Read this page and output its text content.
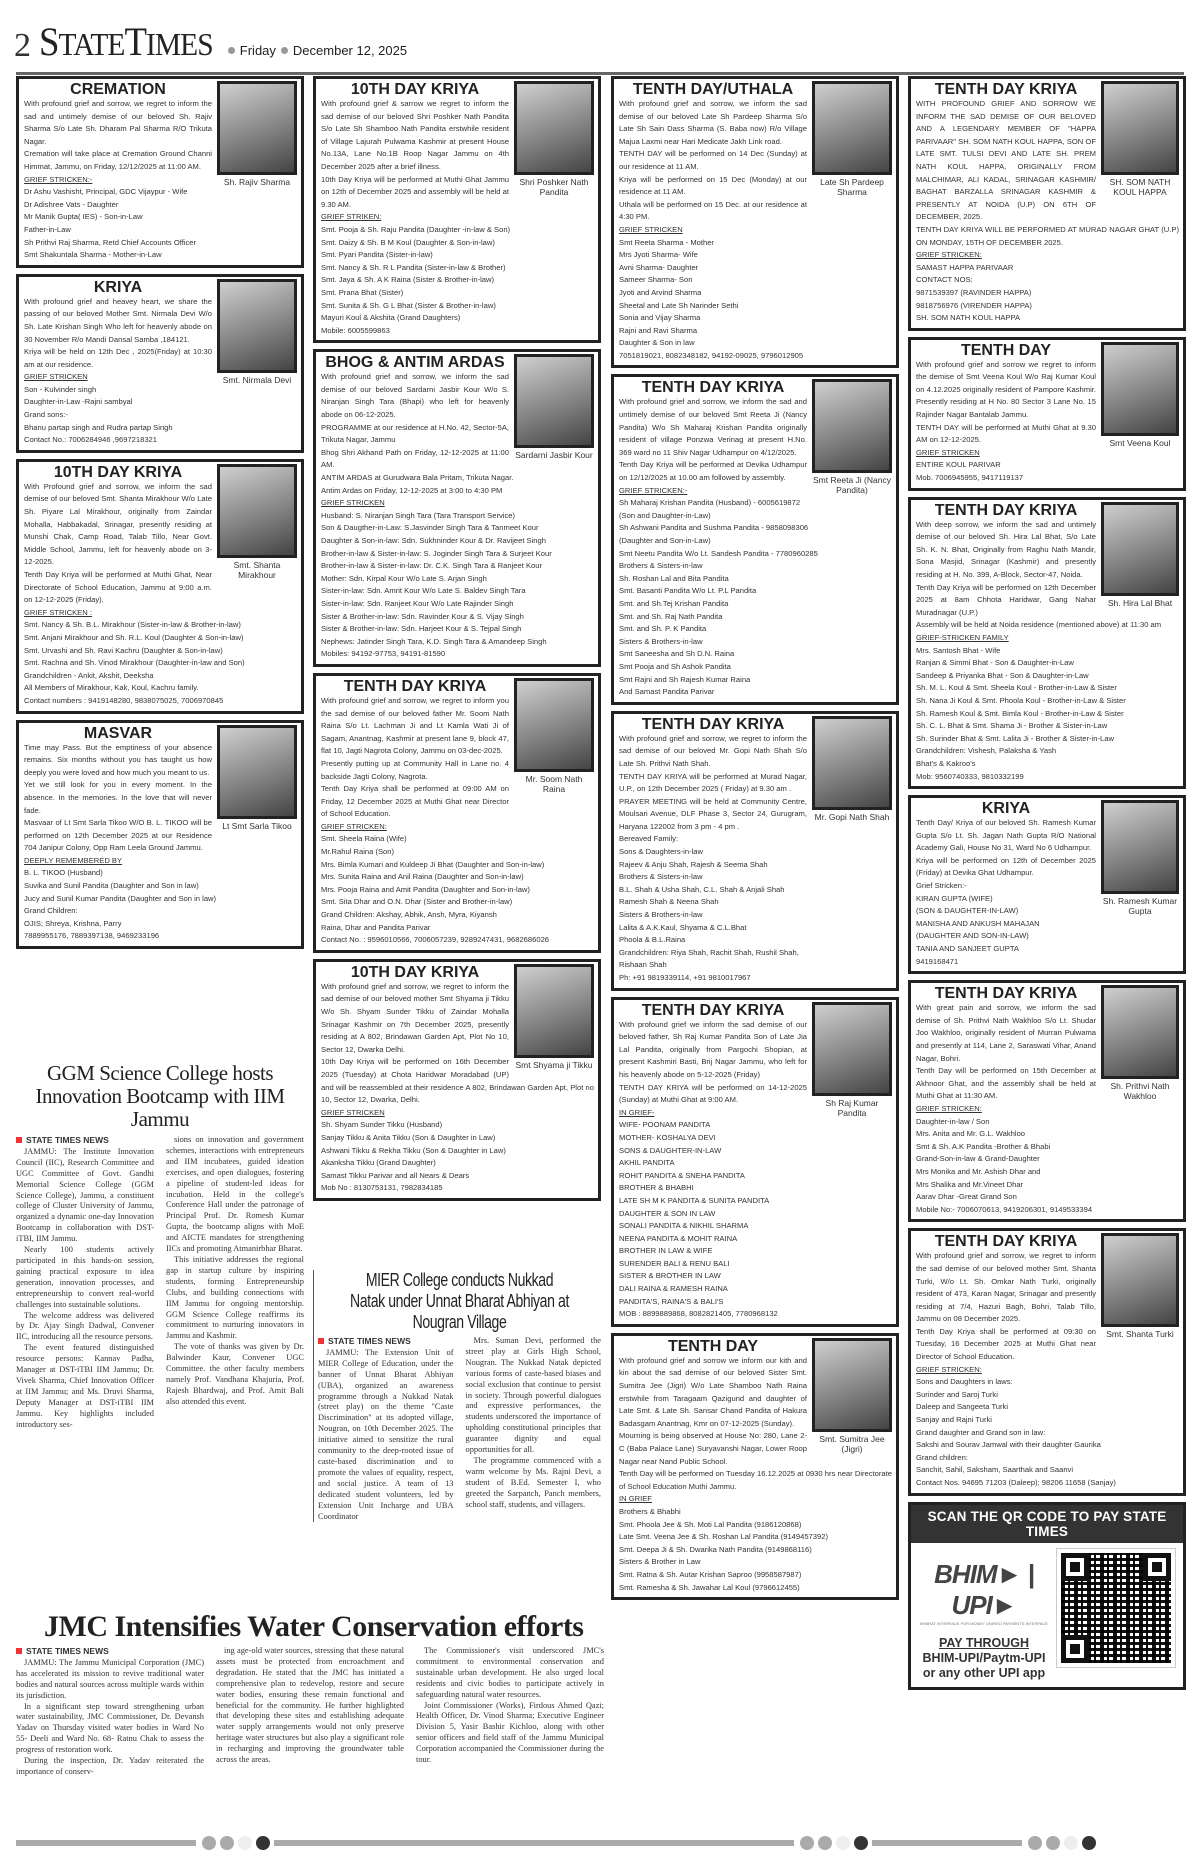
2 STATETIMES Friday December 12, 2025
Sh. Rajiv Sharma
CREMATION

With profound grief and sorrow, we regret to inform the sad and untimely demise of our beloved Sh. Rajiv Sharma S/o Late Sh. Dharam Pal Sharma R/O Trikuta Nagar.

Cremation will take place at Cremation Ground Channi Himmat, Jammu, on Friday, 12/12/2025 at 11:00 AM.

GRIEF STRICKEN:-
Dr Ashu Vashisht, Principal, GDC Vijaypur - Wife
Dr Adishree Vats - Daughter
Mr Manik Gupta( IES) - Son-in-Law
Father-in-Law
Sh Prithvi Raj Sharma, Retd Chief Accounts Officer
Smt Shakuntala Sharma - Mother-in-Law
Smt. Nirmala Devi
KRIYA

With profound grief and heavey heart, we share the passing of our beloved Mother Smt. Nirmala Devi W/o Sh. Late Krishan Singh Who left for heavenly abode on 30 November R/o Mandi Dansal Samba ,184121.

Kriya will be held on 12th Dec , 2025(Friday) at 10:30 am at our residence.

GRIEF STRICKEN
Son - Kulvinder singh
Daughter-in-Law -Rajni sambyal
Grand sons:-
Bhanu partap singh and Rudra partap Singh
Contact No.: 7006284946 ,9697218321
Smt. Shanta Mirakhour
10TH DAY KRIYA

With Profound grief and sorrow, we inform the sad demise of our beloved Smt. Shanta Mirakhour W/o Late Sh. Piyare Lal Mirakhour, originally from Zaindar Mohalla, Habbakadal, Srinagar, presently residing at Munshi Chak, Camp Road, Talab Tillo, Near Govt. Middle School, Jammu, left for heavenly abode on 3-12-2025.

Tenth Day Kriya will be performed at Muthi Ghat, Near Directorate of School Education, Jammu at 9:00 a.m. on 12-12-2025 (Friday).

GRIEF STRICKEN :
Smt. Nancy & Sh. B.L. Mirakhour (Sister-in-law & Brother-in-law)
Smt. Anjani Mirakhour and Sh. R.L. Koul (Daughter & Son-in-law)
Smt. Urvashi and Sh. Ravi Kachru (Daughter & Son-in-law)
Smt. Rachna and Sh. Vinod Mirakhour (Daughter-in-law and Son)
Grandchildren - Ankit, Akshit, Deeksha
All Members of Mirakhour, Kak, Koul, Kachru family.
Contact numbers : 9419148280, 9838075025, 7006970845
Lt Smt Sarla Tikoo
MASVAR

Time may Pass. But the emptiness of your absence remains. Six months without you has taught us how deeply you were loved and how much you meant to us.

Yet we still look for you in every moment. In the absence. In the memories. In the love that will never fade.

Masvaar of Lt Smt Sarla Tikoo W/O B. L. TIKOO will be performed on 12th December 2025 at our Residence 704 Janipur Colony, Opp Ram Leela Ground Jammu.

DEEPLY REMEMBERED BY
B. L. TIKOO (Husband)
Suvika and Sunil Pandita (Daughter and Son in law)
Jucy and Sunil Kumar Pandita (Daughter and Son in law)
Grand Children:
OJIS; Shreya, Krishna, Parry
7889955176, 7889397138, 9469233196
Shri Poshker Nath Pandita
10TH DAY KRIYA

With profound grief & sarrow we regret to inform the sad demise of our beloved Shri Poshker Nath Pandita S/o Late Sh Shamboo Nath Pandita erstwhile resident of Village Lajurah Pulwama Kashmir at present House No.13A, Lane No.1B Roop Nagar Jammu on 4th December 2025 after a brief illness.

10th Day Kriya will be performed at Muthi Ghat Jammu on 12th of December 2025 and assembly will be held at 9.30 AM.

GRIEF STRIKEN:
Smt. Pooja & Sh. Raju Pandita (Daughter -in-law & Son)
Smt. Daizy & Sh. B M Koul (Daughter & Son-in-law)
Smt. Pyari Pandita (Sister-in-law)
Smt. Nancy & Sh. R L Pandita (Sister-in-law & Brother)
Smt. Jaya & Sh. A K Raina (Sister & Brother-in-law)
Smt. Prana Bhat (Sister)
Smt. Sunita & Sh. G L Bhat (Sister & Brother-in-law)
Mayuri Koul & Akshita (Grand Daughters)
Mobile: 6005599863
Sardarni Jasbir Kour
BHOG & ANTIM ARDAS

With profound grief and sorrow, we inform the sad demise of our beloved Sardarni Jasbir Kour W/o S. Niranjan Singh Tara (Bhapi) who left for heavenly abode on 06-12-2025.

PROGRAMME at our residence at H.No. 42, Sector-5A, Trikuta Nagar, Jammu

Bhog Shri Akhand Path on Friday, 12-12-2025 at 11:00 AM.

ANTIM ARDAS at Gurudwara Bala Pritam, Trikuta Nagar.

Antim Ardas on Friday, 12-12-2025 at 3:00 to 4:30 PM

GRIEF STRICKEN
Husband: S. Niranjan Singh Tara (Tara Transport Service)
Son & Daugther-in-Law: S.Jasvinder Singh Tara & Tanmeet Kour
Daughter & Son-in-law: Sdn. Sukhninder Kour & Dr. Ravijeet Singh
Brother-in-law & Sister-in-law: S. Joginder Singh Tara & Surjeet Kour
Brother-in-law & Sister-in-law: Dr. C.K. Singh Tara & Ranjeet Kour
Mother: Sdn. Kirpal Kour W/o Late S. Arjan Singh
Sister-in-law: Sdn. Amrit Kour W/o Late S. Baldev Singh Tara
Sister-in-law: Sdn. Ranjeet Kour W/o Late Rajinder Singh
Sister & Brother-in-law: Sdn. Ravinder Kour & S. Vijay Singh
Sister & Brother-in-law: Sdn. Harjeet Kour & S. Tejpal Singh
Nephews: Jatinder Singh Tara, K.D. Singh Tara & Amandeep Singh
Mobiles: 94192-97753, 94191-81590
Mr. Soom Nath Raina
TENTH DAY KRIYA

With profound grief and sorrow, we regret to inform you the sad demise of our beloved father Mr. Soom Nath Raina S/o Lt. Lachman Ji and Lt Kamla Wati Ji of Sagam, Anantnag, Kashmir at present lane 9, block 47, flat 10, Jagti Nagrota Colony, Jammu on 03-dec-2025.

Presently putting up at Community Hall in Lane no. 4 backside Jagti Colony, Nagrota.

Tenth Day Kriya shall be performed at 09:00 AM on Friday, 12 December 2025 at Muthi Ghat near Director of School Education.

GRIEF STRICKEN:
Smt. Sheela Raina (Wife)
Mr.Rahul Raina (Son)
Mrs. Bimla Kumari and Kuldeep Ji Bhat (Daughter and Son-in-law)
Mrs. Sunita Raina and Anil Raina (Daughter and Son-in-law)
Mrs. Pooja Raina and Amit Pandita (Daughter and Son-in-law)
Smt. Sita Dhar and O.N. Dhar (Sister and Brother-in-law)
Grand Children: Akshay, Abhik, Ansh, Myra, Kiyansh
Raina, Dhar and Pandita Parivar
Contact No. : 9596010566, 7006057239, 9289247431, 9682686026
Smt Shyama ji Tikku
10TH DAY KRIYA

With profound grief and sorrow, we regret to inform the sad demise of our beloved mother Smt Shyama ji Tikku W/o Sh. Shyam Sunder Tikku of Zaindar Mohalla Srinagar Kashmir on 7th December 2025, presently residing at A 802, Brindawan Garden Apt, Plot No 10, Sector 12, Dwarka Delhi.

10th Day Kriya will be performed on 16th December 2025 (Tuesday) at Chota Haridwar Moradabad (UP) and will be reassembled at their residence A 802, Brindawan Garden Apt, Plot no 10, Sector 12, Dwarka, Delhi.

GRIEF STRICKEN
Sh. Shyam Sunder Tikku (Husband)
Sanjay Tikku & Anita Tikku (Son & Daughter in Law)
Ashwani Tikku & Rekha Tikku (Son & Daughter in Law)
Akanksha Tikku (Grand Daughter)
Samast Tikku Parivar and all Nears & Dears
Mob No : 8130753131, 7982834185
Late Sh Pardeep Sharma
TENTH DAY/UTHALA

With profound grief and sorrow, we inform the sad demise of our beloved Late Sh Pardeep Sharma S/o Late Sh Sain Dass Sharma (S. Baba now) R/o Village Majua Laxmi near Hari Medicate Jakh Link road.

TENTH DAY will be performed on 14 Dec (Sunday) at our residence at 11 AM.

Kriya will be performed on 15 Dec (Monday) at our residence at 11 AM.

Uthala will be performed on 15 Dec. at our residence at 4:30 PM.

GRIEF STRICKEN
Smt Reeta Sharma - Mother
Mrs Jyoti Sharma- Wife
Avni Sharma- Daughter
Sameer Sharma- Son
Jyoti and Arvind Sharma
Sheetal and Late Sh Narinder Sethi
Sonia and Vijay Sharma
Rajni and Ravi Sharma
Daughter & Son in law
7051819021, 8082348182, 94192-09025, 9796012905
Smt Reeta Ji (Nancy Pandita)
TENTH DAY KRIYA

With profound grief and sorrow, we inform the sad and untimely demise of our beloved Smt Reeta Ji (Nancy Pandita) W/o Sh Maharaj Krishan Pandita originally resident of village Ponzwa Verinag at present H.No. 369 ward no 11 Shiv Nagar Udhampur on 4/12/2025.

Tenth Day Kriya will be performed at Devika Udhampur on 12/12/2025 at 10.00 am followed by assembly.

GRIEF STRICKEN:-
Sh Maharaj Krishan Pandita (Husband) - 6005619872
(Son and Daughter-in-Law)
Sh Ashwani Pandita and Sushma Pandita - 9858098306
(Daughter and Son-in-Law)
Smt Neetu Pandita W/o Lt. Sandesh Pandita - 7780960285
Brothers & Sisters-in-law
Sh. Roshan Lal and Bita Pandita
Smt. Basanti Pandita W/o Lt. P.L Pandita
Smt. and Sh.Tej Krishan Pandita
Smt. and Sh. Raj Nath Pandita
Smt. and Sh. P. K Pandita
Sisters & Brothers-in-law
Smt Saneesha and Sh D.N. Raina
Smt Pooja and Sh Ashok Pandita
Smt Rajni and Sh Rajesh Kumar Raina
And Samast Pandita Parivar
Mr. Gopi Nath Shah
TENTH DAY KRIYA

With profound grief and sorrow, we regret to inform the sad demise of our beloved Mr. Gopi Nath Shah S/o Late Sh. Prithvi Nath Shah.

TENTH DAY KRIYA will be performed at Murad Nagar, U.P., on 12th December 2025 ( Friday) at 9.30 am .

PRAYER MEETING will be held at Community Centre, Moulsari Avenue, DLF Phase 3, Sector 24, Gurugram, Haryana 122002 from 3 pm - 4 pm .

Bereaved Family:
Sons & Daughters-in-law
Rajeev & Anju Shah, Rajesh & Seema Shah
Brothers & Sisters-in-law
B.L. Shah & Usha Shah, C.L. Shah & Anjali Shah
Ramesh Shah & Neena Shah
Sisters & Brothers-in-law
Lalita & A.K.Kaul, Shyama & C.L.Bhat
Phoola & B.L.Raina
Grandchildren: Riya Shah, Rachit Shah, Rushil Shah,
Rishaan Shah
Ph: +91 9819339114, +91 9810017967
Sh Raj Kumar Pandita
TENTH DAY KRIYA

With profound grief we inform the sad demise of our beloved father, Sh Raj Kumar Pandita Son of Late Jia Lal Pandita, originally from Pargochi Shopian, at present Kashmiri Basti, Brij Nagar Jammu, who left for his heavenly abode on 5-12-2025 (Friday)

TENTH DAY KRIYA will be performed on 14-12-2025 (Sunday) at Muthi Ghat at 9:00 AM.

IN GRIEF-
WIFE- POONAM PANDITA
MOTHER- KOSHALYA DEVI
SONS & DAUGHTER-IN-LAW
AKHIL PANDITA
ROHIT PANDITA & SNEHA PANDITA
BROTHER & BHABHI
LATE SH M K PANDITA & SUNITA PANDITA
DAUGHTER & SON IN LAW
SONALI PANDITA & NIKHIL SHARMA
NEENA PANDITA & MOHIT RAINA
BROTHER IN LAW & WIFE
SURENDER BALI & RENU BALI
SISTER & BROTHER IN LAW
DALI RAINA & RAMESH RAINA
PANDITA'S, RAINA'S & BALI'S
MOB : 8899889868, 8082821405, 7780968132
Smt. Sumitra Jee (Jigri)
TENTH DAY

With profound grief and sorrow we inform our kith and kin about the sad demise of our beloved Sister Smt. Sumitra Jee (Jigri) W/o Late Shamboo Nath Raina erstwhile from Taragaam Qazigund and daughter of Late Smt. & Late Sh. Sansar Chand Pandita of Hakura Badasgam Anantnag, Kmr on 07-12-2025 (Sunday).

Mourning is being observed at House No: 280, Lane 2-C (Baba Palace Lane) Suryavanshi Nagar, Lower Roop Nagar near Nand Public School.

Tenth Day will be performed on Tuesday 16.12.2025 at 0930 hrs near Directorate of School Education Muthi Jammu.

IN GRIEF
Brothers & Bhabhi
Smt. Phoola Jee & Sh. Moti Lal Pandita (9186120868)
Late Smt. Veena Jee & Sh. Roshan Lal Pandita (9149457392)
Smt. Deepa Ji & Sh. Dwarika Nath Pandita (9149868116)
Sisters & Brother in Law
Smt. Ratna & Sh. Autar Krishan Saproo (9958587987)
Smt. Ramesha & Sh. Jawahar Lal Koul (9796612455)
SH. SOM NATH KOUL HAPPA
TENTH DAY KRIYA

WITH PROFOUND GRIEF AND SORROW WE INFORM THE SAD DEMISE OF OUR BELOVED AND A LEGENDARY MEMBER OF "HAPPA PARIVAAR" SH. SOM NATH KOUL HAPPA, SON OF LATE SMT. TULSI DEVI AND LATE SH. PREM NATH KOUL HAPPA, ORIGINALLY FROM MALCHIMAR, ALI KADAL, SRINAGAR KASHMIR/ BAGHAT BARZALLA SRINAGAR KASHMIR & PRESENTLY AT NOIDA (U.P) ON 6TH OF DECEMBER, 2025.

TENTH DAY KRIYA WILL BE PERFORMED AT MURAD NAGAR GHAT (U.P) ON MONDAY, 15TH OF DECEMBER 2025.

GRIEF STRICKEN:
SAMAST HAPPA PARIVAAR
CONTACT NOS:
9871539397 (RAVINDER HAPPA)
9818756976 (VIRENDER HAPPA)
SH. SOM NATH KOUL HAPPA
Smt Veena Koul
TENTH DAY

With profound grief and sorrow we regret to inform the demise of Smt Veena Koul W/o Raj Kumar Koul on 4.12.2025 originally resident of Pampore Kashmir. Presently residing at H No. 80 Sector 3 Lane No. 15 Rajinder Nagar Bantalab Jammu.

TENTH DAY will be performed at Muthi Ghat at 9.30 AM on 12-12-2025.

GRIEF STRICKEN
ENTIRE KOUL PARIVAR
Mob. 7006945955, 9417119137
Sh. Hira Lal Bhat
TENTH DAY KRIYA

With deep sorrow, we inform the sad and untimely demise of our beloved Sh. Hira Lal Bhat, S/o Late Sh. K. N. Bhat, Originally from Raghu Nath Mandir, Sona Masjid, Srinagar (Kashmir) and presently residing at H. No. 399, A-Block, Sector-47, Noida.

Tenth Day Kriya will be performed on 12th December 2025 at 8am Chhota Haridwar, Gang Nahar Muradnagar (U.P.)

Assembly will be held at Noida residence (mentioned above) at 11:30 am

GRIEF-STRICKEN FAMILY
Mrs. Santosh Bhat - Wife
Ranjan & Simmi Bhat - Son & Daughter-in-Law
Sandeep & Priyanka Bhat - Son & Daughter-in-Law
Sh. M. L. Koul & Smt. Sheela Koul - Brother-in-Law & Sister
Sh. Nana Ji Koul & Smt. Phoola Koul - Brother-in-Law & Sister
Sh. Ramesh Koul & Smt. Bimla Koul - Brother-in-Law & Sister
Sh. C. L. Bhat & Smt. Shama Ji - Brother & Sister-in-Law
Sh. Surinder Bhat & Smt. Lalita Ji - Brother & Sister-in-Law
Grandchildren: Vishesh, Palaksha & Yash
Bhat's & Kakroo's
Mob: 9560740333, 9810332199
Sh. Ramesh Kumar Gupta
KRIYA

Tenth Day/ Kriya of our beloved Sh. Ramesh Kumar Gupta S/o Lt. Sh. Jagan Nath Gupta R/O National Academy Gali, House No 31, Ward No 6 Udhampur.

Kriya will be performed on 12th of December 2025 (Friday) at Devika Ghat Udhampur.

Grief Stricken:-
KIRAN GUPTA (WIFE)
(SON & DAUGHTER-IN-LAW)
MANISHA AND ANKUSH MAHAJAN
(DAUGHTER AND SON-IN-LAW)
TANIA AND SANJEET GUPTA
9419168471
Sh. Prithvi Nath Wakhloo
TENTH DAY KRIYA

With great pain and sorrow, we inform the sad demise of Sh. Prithvi Nath Wakhloo S/o Lt. Shudar Joo Wakhloo, originally resident of Murran Pulwama and presently at 114, Lane 2, Saraswati Vihar, Anand Nagar, Bohri.

Tenth Day will be performed on 15th December at Akhnoor Ghat, and the assembly shall be held at Muthi Ghat at 11:30 AM.

GRIEF STRICKEN:
Daughter-in-law / Son
Mrs. Anita and Mr. G.L. Wakhloo
Smt & Sh. A.K Pandita -Brother & Bhabi
Grand-Son-in-law & Grand-Daughter
Mrs Monika and Mr. Ashish Dhar and
Mrs Shalika and Mr.Vineet Dhar
Aarav Dhar -Great Grand Son
Mobile No:- 7006070613, 9419206301, 9149533394
Smt. Shanta Turki
TENTH DAY KRIYA

With profound grief and sorrow, we regret to inform the sad demise of our beloved mother Smt. Shanta Turki, W/o Lt. Sh. Omkar Nath Turki, originally resident of 473, Karan Nagar, Srinagar and presently residing at 7/4, Hazuri Bagh, Bohri, Talab Tillo, Jammu on 08 December 2025.

Tenth Day Kriya shall be performed at 09:30 on Tuesday, 16 December 2025 at Muthi Ghat near Director of School Education.

GRIEF STRICKEN:
Sons and Daughters in laws:
Surinder and Saroj Turki
Daleep and Sangeeta Turki
Sanjay and Rajni Turki
Grand daughter and Grand son in law:
Sakshi and Sourav Jamwal with their daughter Gaurika
Grand children:
Sanchit, Sahil, Saksham, Saarthak and Saanvi
Contact Nos. 94695 71203 (Daleep); 98206 11658 (Sanjay)
SCAN THE QR CODE TO PAY STATE TIMES
BHIM► | UPI►
BHARAT INTERFACE FOR MONEY UNIFIED PAYMENTS INTERFACE
PAY THROUGH
BHIM-UPI/Paytm-UPI
or any other UPI app
GGM Science College hosts Innovation Bootcamp with IIM Jammu
STATE TIMES NEWS

JAMMU: The Institute Innovation Council (IIC), Research Committee and UGC Committee of Govt. Gandhi Memorial Science College (GGM Science College), Jammu, a constituent college of Cluster University of Jammu, organized a dynamic one-day Innovation Bootcamp in collaboration with DST-iTBI, IIM Jammu.

Nearly 100 students actively participated in this hands-on session, gaining practical exposure to idea generation, innovation processes, and entrepreneurship to convert real-world challenges into sustainable solutions.

The welcome address was delivered by Dr. Ajay Singh Dadwal, Convener IIC, introducing all the resource persons.

The event featured distinguished resource persons: Kannav Padha, Manager at DST-iTBI IIM Jammu; Dr. Vivek Sharma, Chief Innovation Officer at IIM Jammu; and Ms. Druvi Sharma, Deputy Manager at DST-iTBI IIM Jammu. Key highlights included introductory ses-

sions on innovation and government schemes, interactions with entrepreneurs and IIM incubatees, guided ideation exercises, and open dialogues, fostering a pipeline of student-led ideas for incubation. Held in the college's Conference Hall under the patronage of Principal Prof. Dr. Romesh Kumar Gupta, the bootcamp aligns with MoE and AICTE mandates for strengthening IICs and promoting Atmanirbhar Bharat.

This initiative addresses the regional gap in startup culture by inspiring students, forming Entrepreneurship Clubs, and building connections with IIM Jammu for ongoing mentorship. GGM Science College reaffirms its commitment to nurturing innovators in Jammu and Kashmir.

The vote of thanks was given by Dr. Balwinder Kaur, Convener UGC Committee. the other faculty members namely Prof. Vandhana Khajuria, Prof. Rajesh Bhardwaj, and Prof. Amit Bali also attended this event.

MIER College conducts Nukkad Natak under Unnat Bharat Abhiyan at Nougran Village
STATE TIMES NEWS

JAMMU: The Extension Unit of MIER College of Education, under the banner of Unnat Bharat Abhiyan (UBA), organized an awareness programme through a Nukkad Natak (street play) on the theme "Caste Discrimination" at its adopted village, Nougran, on 10th December 2025. The initiative aimed to sensitize the rural community to the deep-rooted issue of caste-based discrimination and to promote the values of equality, respect, and social justice. A team of 13 dedicated student volunteers, led by Extension Unit Incharge and UBA Coordinator

Mrs. Suman Devi, performed the street play at Girls High School, Nougran. The Nukkad Natak depicted various forms of caste-based biases and social exclusion that continue to persist in society. Through powerful dialogues and expressive performances, the students underscored the importance of upholding constitutional principles that guarantee dignity and equal opportunities for all.

The programme commenced with a warm welcome by Ms. Rajni Devi, a student of B.Ed. Semester I, who greeted the Sarpanch, Panch members, school staff, students, and villagers.

JMC Intensifies Water Conservation efforts
STATE TIMES NEWS

JAMMU: The Jammu Municipal Corporation (JMC) has accelerated its mission to revive traditional water bodies and natural sources across multiple wards within its jurisdiction.

In a significant step toward strengthening urban water sustainability, JMC Commissioner, Dr. Devansh Yadav on Thursday visited water bodies in Ward No 55- Deeli and Ward No. 68- Ratnu Chak to assess the progress of restoration work.

During the inspection, Dr. Yadav reiterated the importance of conserv-

ing age-old water sources, stressing that these natural assets must be protected from encroachment and degradation. He stated that the JMC has initiated a comprehensive plan to redevelop, restore and secure water bodies, ensuring these remain functional and beneficial for the community. He further highlighted that developing these sites and establishing adequate water supply arrangements would not only preserve heritage water structures but also play a significant role in recharging and improving the groundwater table across the areas.

The Commissioner's visit underscored JMC's commitment to environmental conservation and sustainable urban development. He also urged local residents and civic bodies to participate actively in safeguarding natural water resources.

Joint Commissioner (Works), Firdous Ahmed Qazi; Health Officer, Dr. Vinod Sharma; Executive Engineer Division 5, Yasir Bashir Kichloo, along with other senior officers and field staff of the Jammu Municipal Corporation accompanied the Commissioner during the tour.
